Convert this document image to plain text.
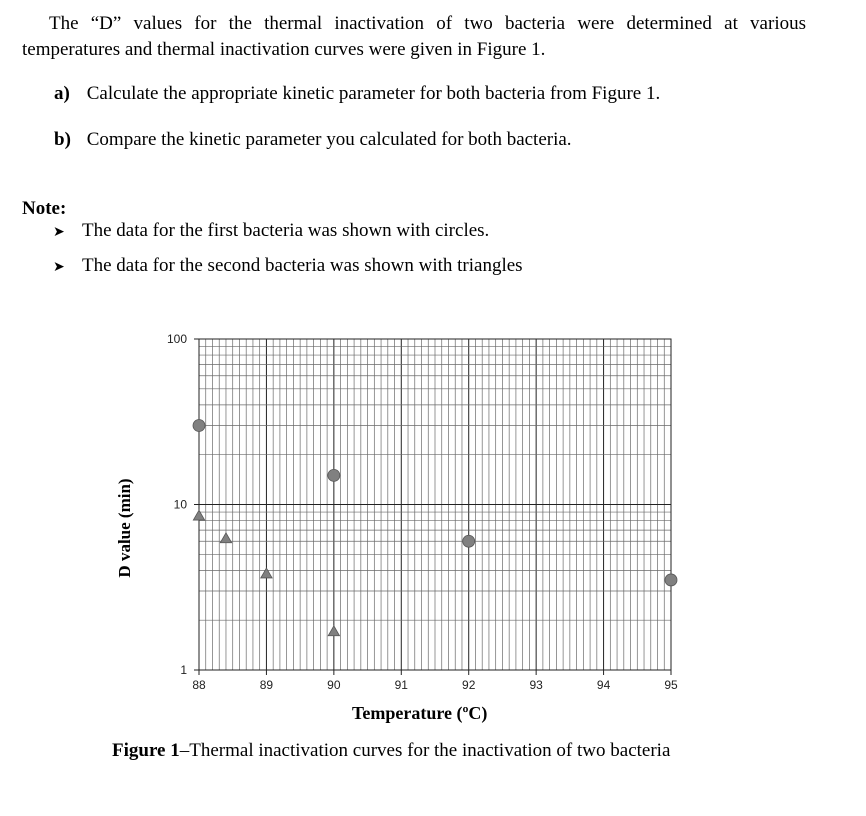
The “D” values for the thermal inactivation of two bacteria were determined at various temperatures and thermal inactivation curves were given in Figure 1.

a) Calculate the appropriate kinetic parameter for both bacteria from Figure 1.
b) Compare the kinetic parameter you calculated for both bacteria.
Note:
➤ The data for the first bacteria was shown with circles.
➤ The data for the second bacteria was shown with triangles
88	89	90	91	92	93	94	95
1
10
100
D value (min)
Temperature (ºC)
Figure 1–Thermal inactivation curves for the inactivation of two bacteria
